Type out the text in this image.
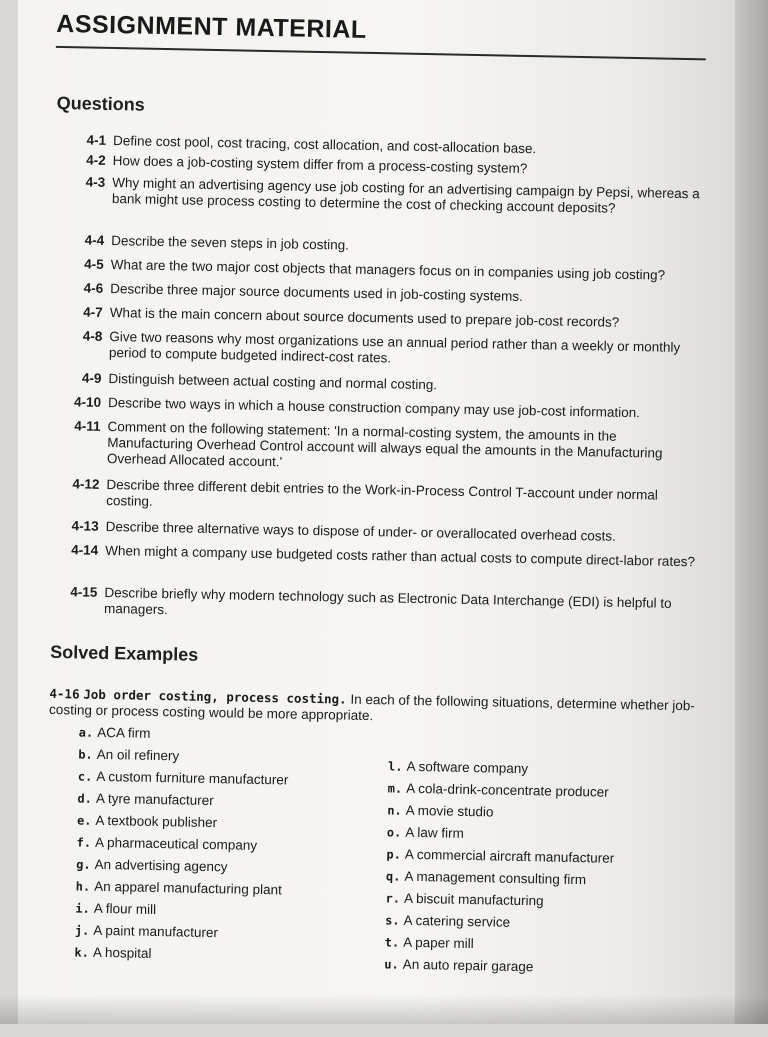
ASSIGNMENT MATERIAL
Questions
4-1 Define cost pool, cost tracing, cost allocation, and cost-allocation base.
4-2 How does a job-costing system differ from a process-costing system?
4-3 Why might an advertising agency use job costing for an advertising campaign by Pepsi, whereas a bank might use process costing to determine the cost of checking account deposits?
4-4 Describe the seven steps in job costing.
4-5 What are the two major cost objects that managers focus on in companies using job costing?
4-6 Describe three major source documents used in job-costing systems.
4-7 What is the main concern about source documents used to prepare job-cost records?
4-8 Give two reasons why most organizations use an annual period rather than a weekly or monthly period to compute budgeted indirect-cost rates.
4-9 Distinguish between actual costing and normal costing.
4-10 Describe two ways in which a house construction company may use job-cost information.
4-11 Comment on the following statement: 'In a normal-costing system, the amounts in the Manufacturing Overhead Control account will always equal the amounts in the Manufacturing Overhead Allocated account.'
4-12 Describe three different debit entries to the Work-in-Process Control T-account under normal costing.
4-13 Describe three alternative ways to dispose of under- or overallocated overhead costs.
4-14 When might a company use budgeted costs rather than actual costs to compute direct-labor rates?
4-15 Describe briefly why modern technology such as Electronic Data Interchange (EDI) is helpful to managers.
Solved Examples
4-16 Job order costing, process costing. In each of the following situations, determine whether job-costing or process costing would be more appropriate.
a. ACA firm
b. An oil refinery
c. A custom furniture manufacturer
d. A tyre manufacturer
e. A textbook publisher
f. A pharmaceutical company
g. An advertising agency
h. An apparel manufacturing plant
i. A flour mill
j. A paint manufacturer
k. A hospital
l. A software company
m. A cola-drink-concentrate producer
n. A movie studio
o. A law firm
p. A commercial aircraft manufacturer
q. A management consulting firm
r. A biscuit manufacturing
s. A catering service
t. A paper mill
u. An auto repair garage
